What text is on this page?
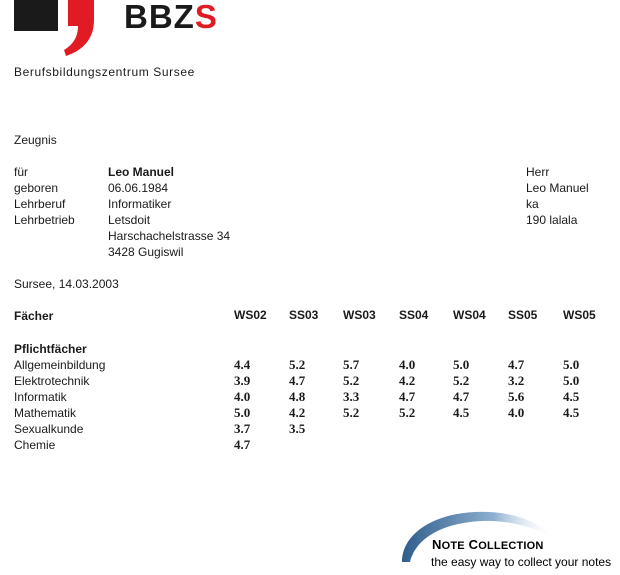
BBZS
Berufsbildungszentrum Sursee
Zeugnis
für	Leo Manuel
geboren	06.06.1984
Lehrberuf	Informatiker
Lehrbetrieb	Letsdoit
Harschachelstrasse 34
3428 Gugiswil
Herr
Leo Manuel
ka
190 lalala
Sursee, 14.03.2003
Fächer	WS02 SS03 WS03 SS04 WS04 SS05 WS05
Pflichtfächer
Allgemeinbildung	4.4	5.2	5.7	4.0	5.0	4.7	5.0
Elektrotechnik	3.9	4.7	5.2	4.2	5.2	3.2	5.0
Informatik	4.0	4.8	3.3	4.7	4.7	5.6	4.5
Mathematik	5.0	4.2	5.2	5.2	4.5	4.0	4.5
Sexualkunde	3.7	3.5
Chemie	4.7
NOTE COLLECTION
the easy way to collect your notes
